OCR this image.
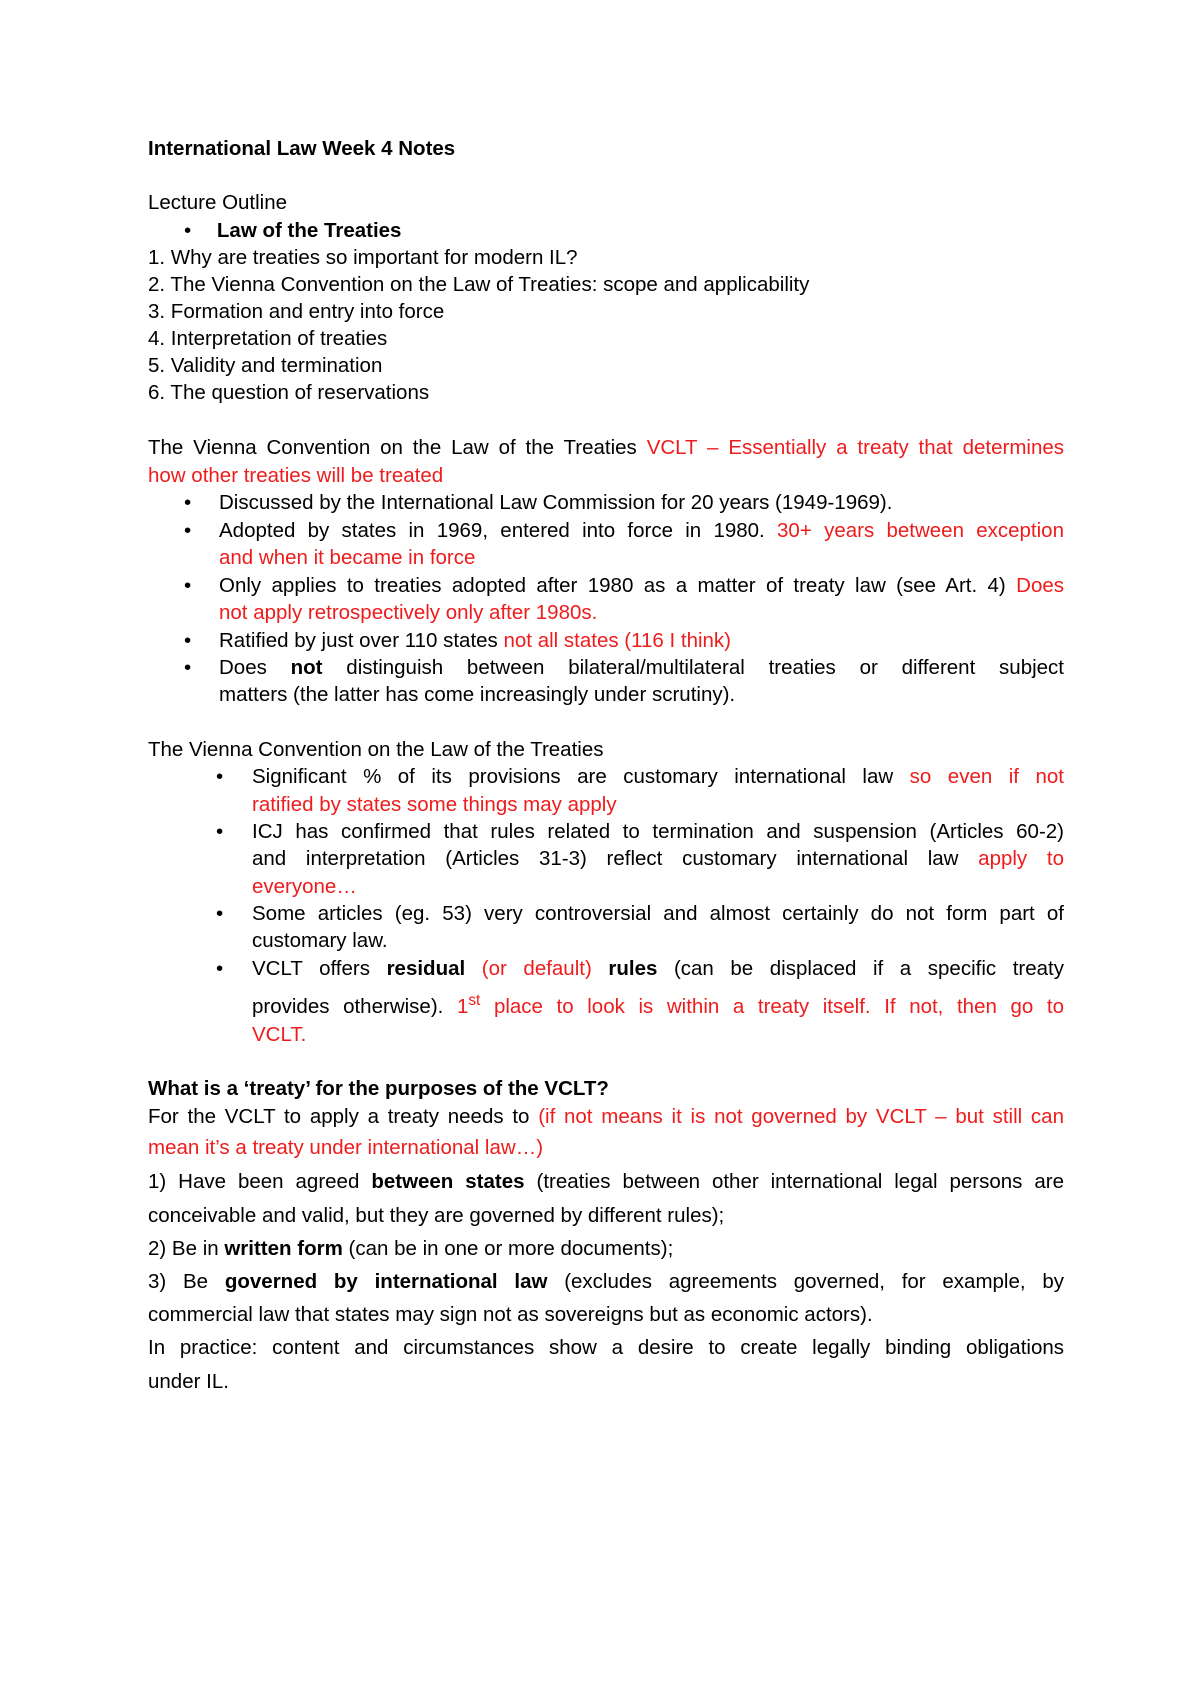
International Law Week 4 Notes
Lecture Outline
• Law of the Treaties
1. Why are treaties so important for modern IL?
2. The Vienna Convention on the Law of Treaties: scope and applicability
3. Formation and entry into force
4. Interpretation of treaties
5. Validity and termination
6. The question of reservations
The Vienna Convention on the Law of the Treaties VCLT – Essentially a treaty that determines
how other treaties will be treated
• Discussed by the International Law Commission for 20 years (1949-1969).
• Adopted by states in 1969, entered into force in 1980. 30+ years between exception
and when it became in force
• Only applies to treaties adopted after 1980 as a matter of treaty law (see Art. 4) Does
not apply retrospectively only after 1980s.
• Ratified by just over 110 states not all states (116 I think)
• Does not distinguish between bilateral/multilateral treaties or different subject
matters (the latter has come increasingly under scrutiny).
The Vienna Convention on the Law of the Treaties
• Significant % of its provisions are customary international law so even if not
ratified by states some things may apply
• ICJ has confirmed that rules related to termination and suspension (Articles 60-2)
and interpretation (Articles 31-3) reflect customary international law apply to
everyone…
• Some articles (eg. 53) very controversial and almost certainly do not form part of
customary law.
• VCLT offers residual (or default) rules (can be displaced if a specific treaty
provides otherwise). 1st place to look is within a treaty itself. If not, then go to
VCLT.
What is a ‘treaty’ for the purposes of the VCLT?
For the VCLT to apply a treaty needs to (if not means it is not governed by VCLT – but still can
mean it’s a treaty under international law…)
1) Have been agreed between states (treaties between other international legal persons are
conceivable and valid, but they are governed by different rules);
2) Be in written form (can be in one or more documents);
3) Be governed by international law (excludes agreements governed, for example, by
commercial law that states may sign not as sovereigns but as economic actors).
In practice: content and circumstances show a desire to create legally binding obligations
under IL.
